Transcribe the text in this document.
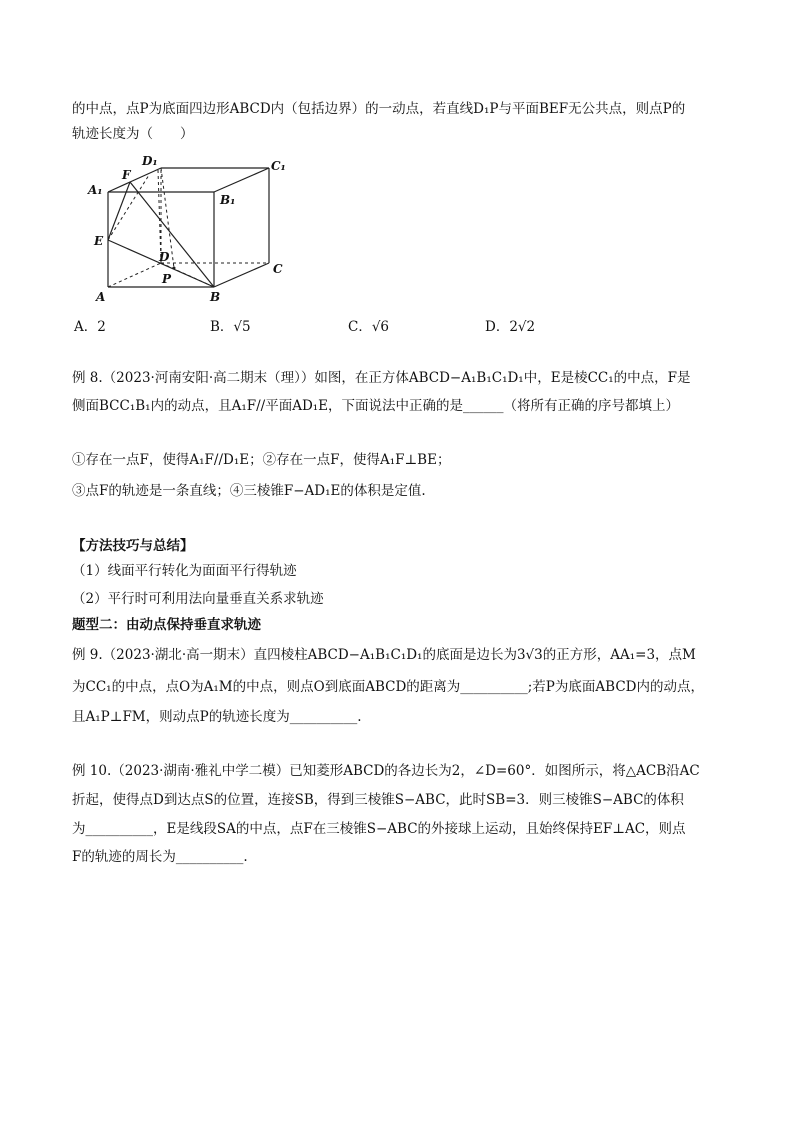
的中点，点P为底面四边形ABCD内（包括边界）的一动点，若直线D₁P与平面BEF无公共点，则点P的
轨迹长度为（　　）
A	B
C
D
A₁
B₁
C₁
D₁
E
F
P
A．2	B．√5	C．√6	D．2√2
例 8.（2023·河南安阳·高二期末（理））如图，在正方体ABCD−A₁B₁C₁D₁中，E是棱CC₁的中点，F是
侧面BCC₁B₁内的动点，且A₁F//平面AD₁E，下面说法中正确的是______（将所有正确的序号都填上）
①存在一点F，使得A₁F//D₁E；②存在一点F，使得A₁F⊥BE；
③点F的轨迹是一条直线；④三棱锥F−AD₁E的体积是定值.
【方法技巧与总结】
（1）线面平行转化为面面平行得轨迹
（2）平行时可利用法向量垂直关系求轨迹
题型二：由动点保持垂直求轨迹
例 9.（2023·湖北·高一期末）直四棱柱ABCD−A₁B₁C₁D₁的底面是边长为3√3的正方形，AA₁=3，点M
为CC₁的中点，点O为A₁M的中点，则点O到底面ABCD的距离为__________;若P为底面ABCD内的动点，
且A₁P⊥FM，则动点P的轨迹长度为__________.
例 10.（2023·湖南·雅礼中学二模）已知菱形ABCD的各边长为2，∠D=60°．如图所示，将△ACB沿AC
折起，使得点D到达点S的位置，连接SB，得到三棱锥S−ABC，此时SB=3．则三棱锥S−ABC的体积
为__________，E是线段SA的中点，点F在三棱锥S−ABC的外接球上运动，且始终保持EF⊥AC，则点
F的轨迹的周长为__________.
